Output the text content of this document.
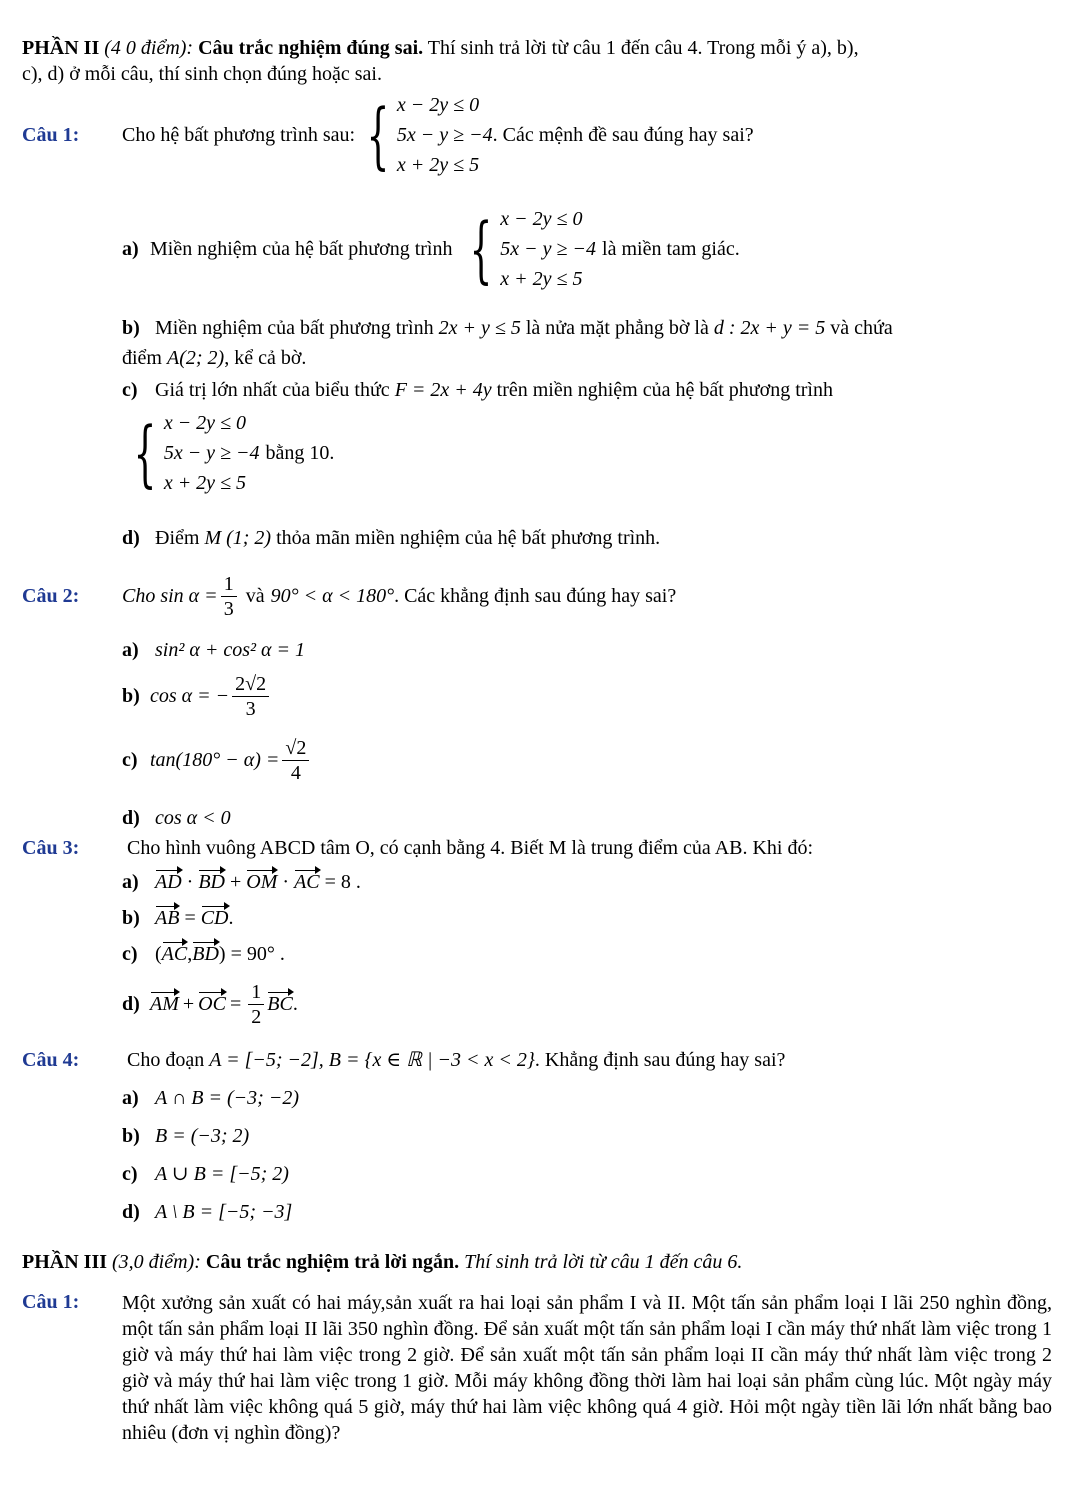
PHẦN II (4 0 điểm): Câu trắc nghiệm đúng sai. Thí sinh trả lời từ câu 1 đến câu 4. Trong mỗi ý a), b),
c), d) ở mỗi câu, thí sinh chọn đúng hoặc sai.
Câu 1:	Cho hệ bất phương trình sau: { x − 2y ≤ 0
5x − y ≥ −4
x + 2y ≤ 5
. Các mệnh đề sau đúng hay sai?
a) Miền nghiệm của hệ bất phương trình { x − 2y ≤ 0
5x − y ≥ −4
x + 2y ≤ 5
là miền tam giác.
b) Miền nghiệm của bất phương trình 2x + y ≤ 5 là nửa mặt phẳng bờ là d : 2x + y = 5 và chứa
điểm A(2; 2), kể cả bờ.
c) Giá trị lớn nhất của biểu thức F = 2x + 4y trên miền nghiệm của hệ bất phương trình
{ x − 2y ≤ 0
5x − y ≥ −4
x + 2y ≤ 5
bằng 10.
d) Điểm M (1; 2) thỏa mãn miền nghiệm của hệ bất phương trình.
Câu 2:	Cho $\sin \alpha = \frac{1}{3}$ và 90° < α < 180° . Các khẳng định sau đúng hay sai?
a) sin² α + cos² α = 1
b) cos α = − $\frac{2√2}{3}$
c) $\tan(180^\circ - \alpha) = \frac{√2}{4}$
d) cos α < 0
Câu 3: Cho hình vuông ABCD tâm O, có cạnh bằng 4. Biết M là trung điểm của AB. Khi đó:
a) AD · BD + OM · AC = 8 .
b) AB = CD.
c) (AC,BD) = 90° .
d) AM + OC = $\frac{1}{2}$ BC .
Câu 4: Cho đoạn A = [−5; −2], B = {x ∈ ℝ | −3 < x < 2}. Khẳng định sau đúng hay sai?
a) A ∩ B = (−3; −2)
b) B = (−3; 2)
c) A ∪ B = [−5; 2)
d) A \ B = [−5; −3]
PHẦN III (3,0 điểm): Câu trắc nghiệm trả lời ngắn. Thí sinh trả lời từ câu 1 đến câu 6.
Câu 1:	Một xưởng sản xuất có hai máy,sản xuất ra hai loại sản phẩm I và II. Một tấn sản phẩm loại I lãi 250 nghìn đồng, một tấn sản phẩm loại II lãi 350 nghìn đồng. Để sản xuất một tấn sản phẩm loại I cần máy thứ nhất làm việc trong 1 giờ và máy thứ hai làm việc trong 2 giờ. Để sản xuất một tấn sản phẩm loại II cần máy thứ nhất làm việc trong 2 giờ và máy thứ hai làm việc trong 1 giờ. Mỗi máy không đồng thời làm hai loại sản phẩm cùng lúc. Một ngày máy thứ nhất làm việc không quá 5 giờ, máy thứ hai làm việc không quá 4 giờ. Hỏi một ngày tiền lãi lớn nhất bằng bao nhiêu (đơn vị nghìn đồng)?
